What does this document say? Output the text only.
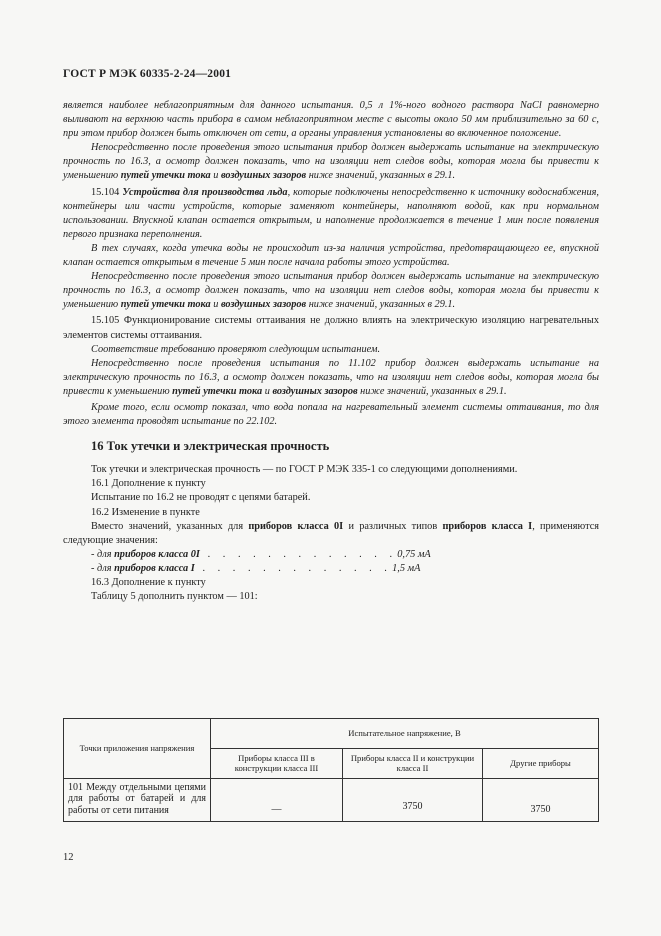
ГОСТ Р МЭК 60335-2-24—2001

является наиболее неблагоприятным для данного испытания. 0,5 л 1%-ного водного раствора NaCl равномерно выливают на верхнюю часть прибора в самом неблагоприятном месте с высоты около 50 мм приблизительно за 60 с, при этом прибор должен быть отключен от сети, а органы управления установлены во включенное положение.

Непосредственно после проведения этого испытания прибор должен выдержать испытание на электрическую прочность по 16.3, а осмотр должен показать, что на изоляции нет следов воды, которая могла бы привести к уменьшению путей утечки тока и воздушных зазоров ниже значений, указанных в 29.1.

15.104 Устройства для производства льда, которые подключены непосредственно к источнику водоснабжения, контейнеры или части устройств, которые заменяют контейнеры, наполняют водой, как при нормальном использовании. Впускной клапан остается открытым, и наполнение продолжается в течение 1 мин после появления первого признака переполнения.

В тех случаях, когда утечка воды не происходит из-за наличия устройства, предотвращающего ее, впускной клапан остается открытым в течение 5 мин после начала работы этого устройства.

Непосредственно после проведения этого испытания прибор должен выдержать испытание на электрическую прочность по 16.3, а осмотр должен показать, что на изоляции нет следов воды, которая могла бы привести к уменьшению путей утечки тока и воздушных зазоров ниже значений, указанных в 29.1.

15.105 Функционирование системы оттаивания не должно влиять на электрическую изоляцию нагревательных элементов системы оттаивания.

Соответствие требованию проверяют следующим испытанием.

Непосредственно после проведения испытания по 11.102 прибор должен выдержать испытание на электрическую прочность по 16.3, а осмотр должен показать, что на изоляции нет следов воды, которая могла бы привести к уменьшению путей утечки тока и воздушных зазоров ниже значений, указанных в 29.1.

Кроме того, если осмотр показал, что вода попала на нагревательный элемент системы оттаивания, то для этого элемента проводят испытание по 22.102.

16 Ток утечки и электрическая прочность

Ток утечки и электрическая прочность — по ГОСТ Р МЭК 335-1 со следующими дополнениями.

16.1 Дополнение к пункту

Испытание по 16.2 не проводят с цепями батарей.

16.2 Изменение в пункте

Вместо значений, указанных для приборов класса 0I и различных типов приборов класса I, применяются следующие значения:

- для приборов класса 0I . . . . . . . . . . . . . 0,75 мА
- для приборов класса I . . . . . . . . . . . . . 1,5 мА

16.3 Дополнение к пункту

Таблицу 5 дополнить пунктом — 101:

Точки приложения напряжения	Испытательное напряжение, В		
	Приборы класса III в конструкции класса III	Приборы класса II и конструкции класса II	Другие приборы
101 Между отдельными цепями для работы от батарей и для работы от сети питания	—	3750	3750
12
